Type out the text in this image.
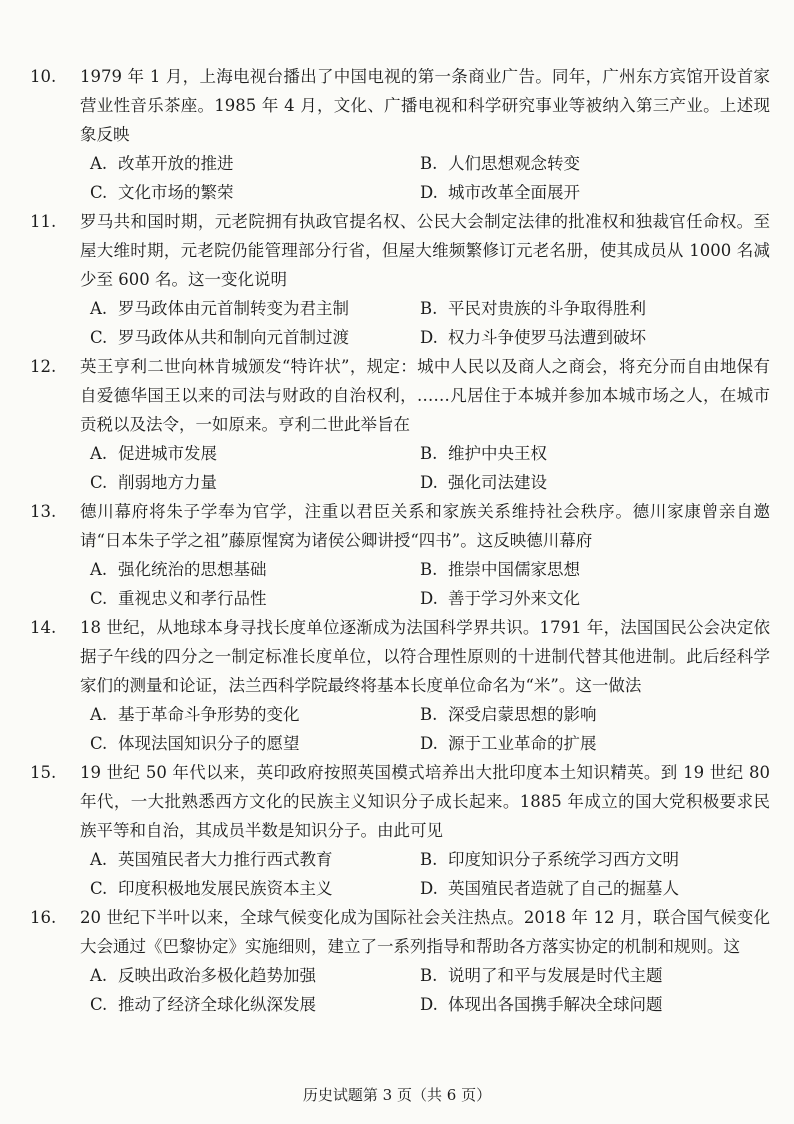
10. 1979 年 1 月，上海电视台播出了中国电视的第一条商业广告。同年，广州东方宾馆开设首家营业性音乐茶座。1985 年 4 月，文化、广播电视和科学研究事业等被纳入第三产业。上述现象反映
A. 改革开放的推进	B. 人们思想观念转变
C. 文化市场的繁荣	D. 城市改革全面展开
11. 罗马共和国时期，元老院拥有执政官提名权、公民大会制定法律的批准权和独裁官任命权。至屋大维时期，元老院仍能管理部分行省，但屋大维频繁修订元老名册，使其成员从 1000 名减少至 600 名。这一变化说明
A. 罗马政体由元首制转变为君主制	B. 平民对贵族的斗争取得胜利
C. 罗马政体从共和制向元首制过渡	D. 权力斗争使罗马法遭到破坏
12. 英王亨利二世向林肯城颁发“特许状”，规定：城中人民以及商人之商会，将充分而自由地保有自爱德华国王以来的司法与财政的自治权利，……凡居住于本城并参加本城市场之人，在城市贡税以及法令，一如原来。亨利二世此举旨在
A. 促进城市发展	B. 维护中央王权
C. 削弱地方力量	D. 强化司法建设
13. 德川幕府将朱子学奉为官学，注重以君臣关系和家族关系维持社会秩序。德川家康曾亲自邀请“日本朱子学之祖”藤原惺窝为诸侯公卿讲授“四书”。这反映德川幕府
A. 强化统治的思想基础	B. 推崇中国儒家思想
C. 重视忠义和孝行品性	D. 善于学习外来文化
14. 18 世纪，从地球本身寻找长度单位逐渐成为法国科学界共识。1791 年，法国国民公会决定依据子午线的四分之一制定标准长度单位，以符合理性原则的十进制代替其他进制。此后经科学家们的测量和论证，法兰西科学院最终将基本长度单位命名为“米”。这一做法
A. 基于革命斗争形势的变化	B. 深受启蒙思想的影响
C. 体现法国知识分子的愿望	D. 源于工业革命的扩展
15. 19 世纪 50 年代以来，英印政府按照英国模式培养出大批印度本土知识精英。到 19 世纪 80 年代，一大批熟悉西方文化的民族主义知识分子成长起来。1885 年成立的国大党积极要求民族平等和自治，其成员半数是知识分子。由此可见
A. 英国殖民者大力推行西式教育	B. 印度知识分子系统学习西方文明
C. 印度积极地发展民族资本主义	D. 英国殖民者造就了自己的掘墓人
16. 20 世纪下半叶以来，全球气候变化成为国际社会关注热点。2018 年 12 月，联合国气候变化大会通过《巴黎协定》实施细则，建立了一系列指导和帮助各方落实协定的机制和规则。这
A. 反映出政治多极化趋势加强	B. 说明了和平与发展是时代主题
C. 推动了经济全球化纵深发展	D. 体现出各国携手解决全球问题
历史试题第 3 页（共 6 页）
